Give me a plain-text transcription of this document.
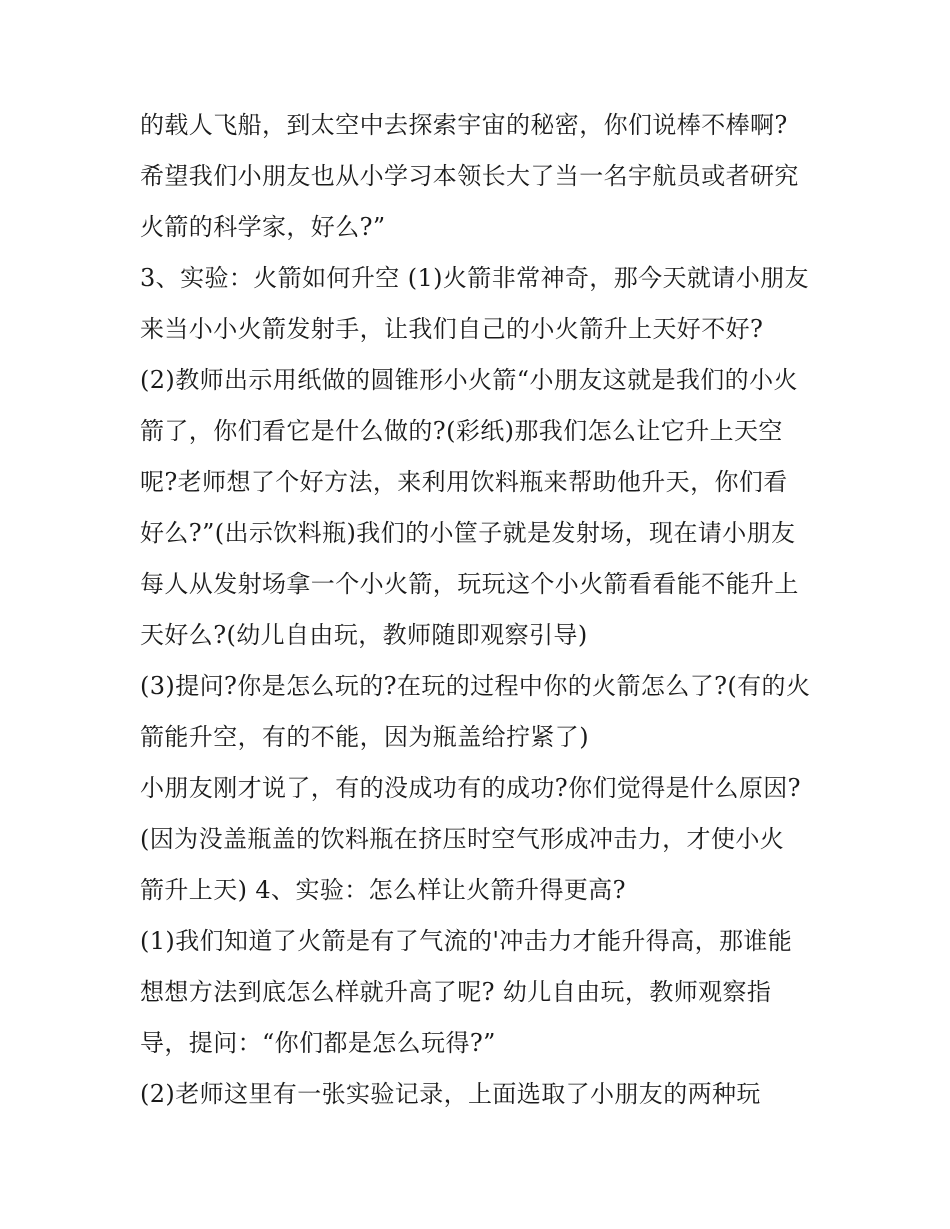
的载人飞船，到太空中去探索宇宙的秘密，你们说棒不棒啊?
希望我们小朋友也从小学习本领长大了当一名宇航员或者研究
火箭的科学家，好么?”
3、实验：火箭如何升空 (1)火箭非常神奇，那今天就请小朋友
来当小小火箭发射手，让我们自己的小火箭升上天好不好?
(2)教师出示用纸做的圆锥形小火箭“小朋友这就是我们的小火
箭了，你们看它是什么做的?(彩纸)那我们怎么让它升上天空
呢?老师想了个好方法，来利用饮料瓶来帮助他升天，你们看
好么?”(出示饮料瓶)我们的小筐子就是发射场，现在请小朋友
每人从发射场拿一个小火箭，玩玩这个小火箭看看能不能升上
天好么?(幼儿自由玩，教师随即观察引导)
(3)提问?你是怎么玩的?在玩的过程中你的火箭怎么了?(有的火
箭能升空，有的不能，因为瓶盖给拧紧了)
小朋友刚才说了，有的没成功有的成功?你们觉得是什么原因?
(因为没盖瓶盖的饮料瓶在挤压时空气形成冲击力，才使小火
箭升上天) 4、实验：怎么样让火箭升得更高?
(1)我们知道了火箭是有了气流的'冲击力才能升得高，那谁能
想想方法到底怎么样就升高了呢? 幼儿自由玩，教师观察指
导，提问：“你们都是怎么玩得?”
(2)老师这里有一张实验记录，上面选取了小朋友的两种玩
